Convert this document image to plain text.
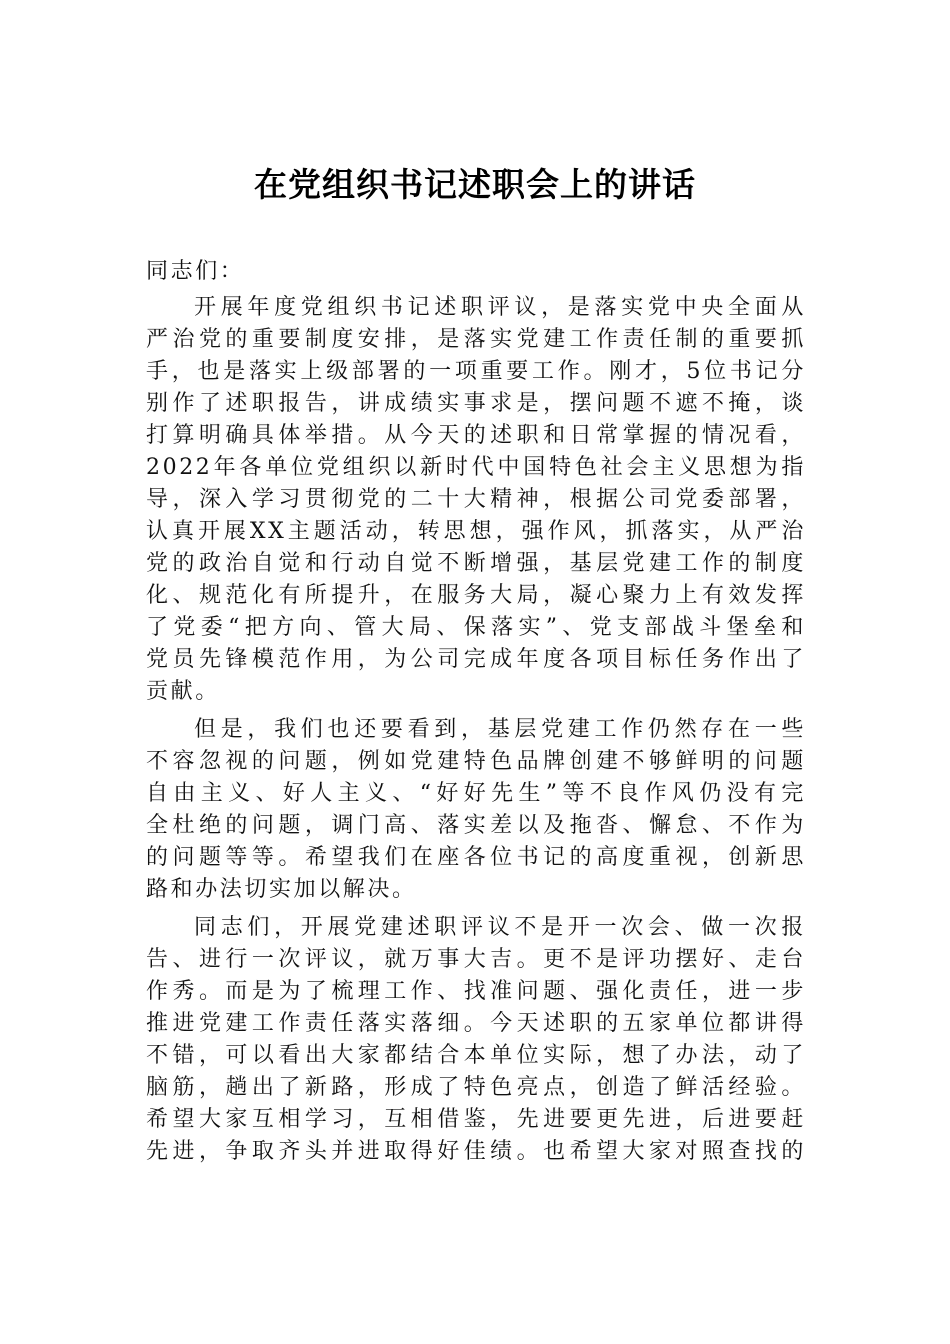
在党组织书记述职会上的讲话
同志们：
开展年度党组织书记述职评议，是落实党中央全面从
严治党的重要制度安排，是落实党建工作责任制的重要抓
手，也是落实上级部署的一项重要工作。刚才，5位书记分
别作了述职报告，讲成绩实事求是，摆问题不遮不掩，谈
打算明确具体举措。从今天的述职和日常掌握的情况看，
2022年各单位党组织以新时代中国特色社会主义思想为指
导，深入学习贯彻党的二十大精神，根据公司党委部署，
认真开展XX主题活动，转思想，强作风，抓落实，从严治
党的政治自觉和行动自觉不断增强，基层党建工作的制度
化、规范化有所提升，在服务大局，凝心聚力上有效发挥
了党委“把方向、管大局、保落实”、党支部战斗堡垒和
党员先锋模范作用，为公司完成年度各项目标任务作出了
贡献。
但是，我们也还要看到，基层党建工作仍然存在一些
不容忽视的问题，例如党建特色品牌创建不够鲜明的问题
自由主义、好人主义、“好好先生”等不良作风仍没有完
全杜绝的问题，调门高、落实差以及拖沓、懈怠、不作为
的问题等等。希望我们在座各位书记的高度重视，创新思
路和办法切实加以解决。
同志们，开展党建述职评议不是开一次会、做一次报
告、进行一次评议，就万事大吉。更不是评功摆好、走台
作秀。而是为了梳理工作、找准问题、强化责任，进一步
推进党建工作责任落实落细。今天述职的五家单位都讲得
不错，可以看出大家都结合本单位实际，想了办法，动了
脑筋，趟出了新路，形成了特色亮点，创造了鲜活经验。
希望大家互相学习，互相借鉴，先进要更先进，后进要赶
先进，争取齐头并进取得好佳绩。也希望大家对照查找的
